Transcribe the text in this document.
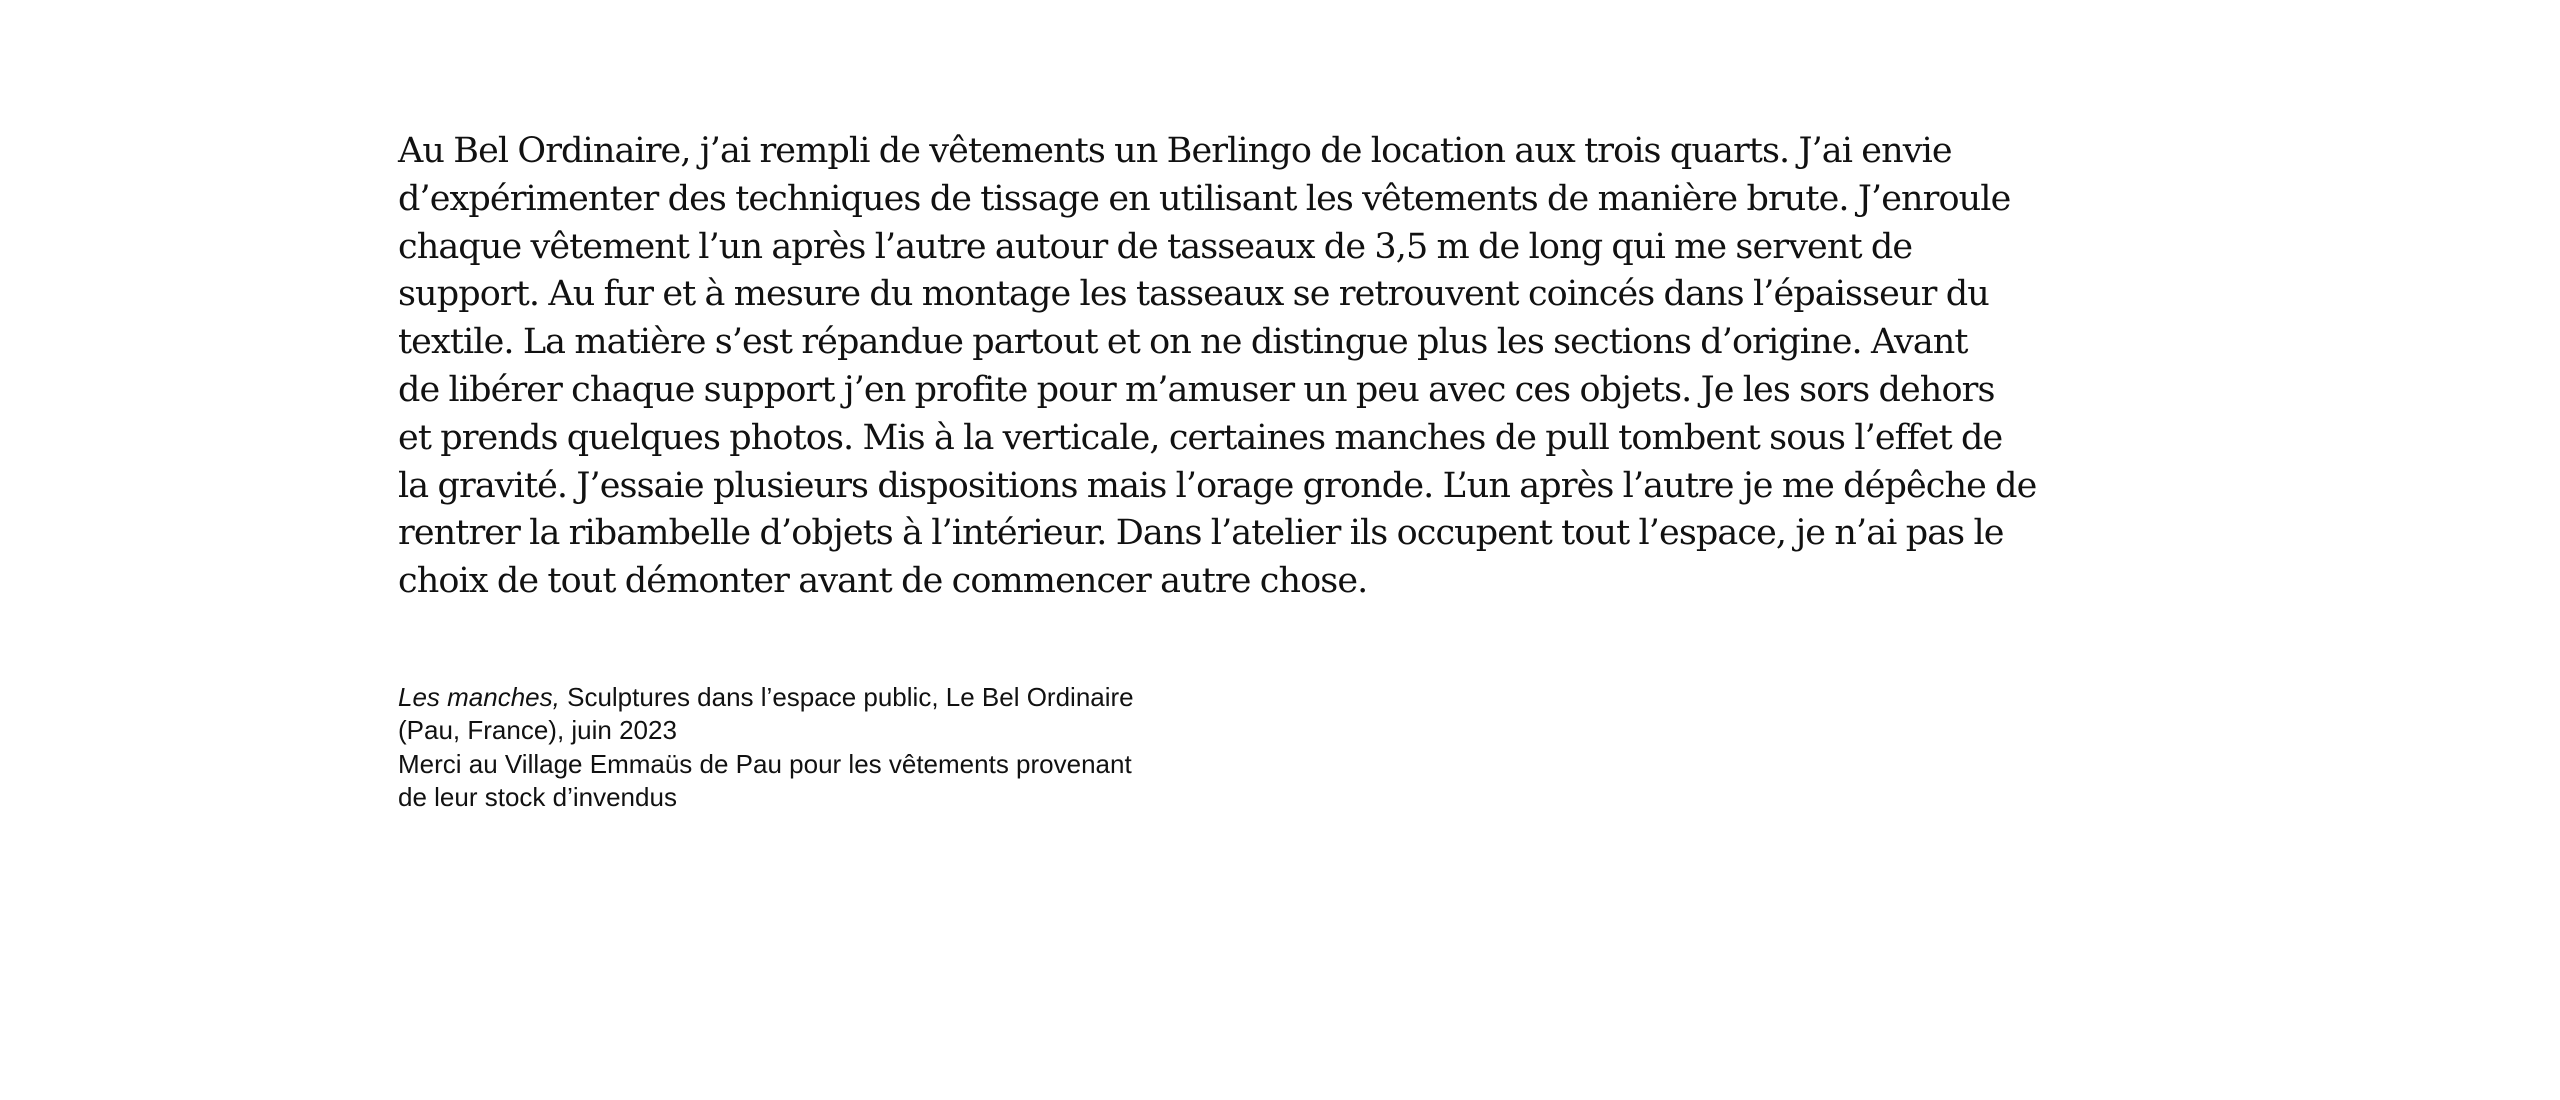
Au Bel Ordinaire, j’ai rempli de vêtements un Berlingo de location aux trois quarts. J’ai envie
d’expérimenter des techniques de tissage en utilisant les vêtements de manière brute. J’enroule
chaque vêtement l’un après l’autre autour de tasseaux de 3,5 m de long qui me servent de
support. Au fur et à mesure du montage les tasseaux se retrouvent coincés dans l’épaisseur du
textile. La matière s’est répandue partout et on ne distingue plus les sections d’origine. Avant
de libérer chaque support j’en profite pour m’amuser un peu avec ces objets. Je les sors dehors
et prends quelques photos. Mis à la verticale, certaines manches de pull tombent sous l’effet de
la gravité. J’essaie plusieurs dispositions mais l’orage gronde. L’un après l’autre je me dépêche de
rentrer la ribambelle d’objets à l’intérieur. Dans l’atelier ils occupent tout l’espace, je n’ai pas le
choix de tout démonter avant de commencer autre chose.
Les manches, Sculptures dans l’espace public, Le Bel Ordinaire
(Pau, France), juin 2023
Merci au Village Emmaüs de Pau pour les vêtements provenant
de leur stock d’invendus
